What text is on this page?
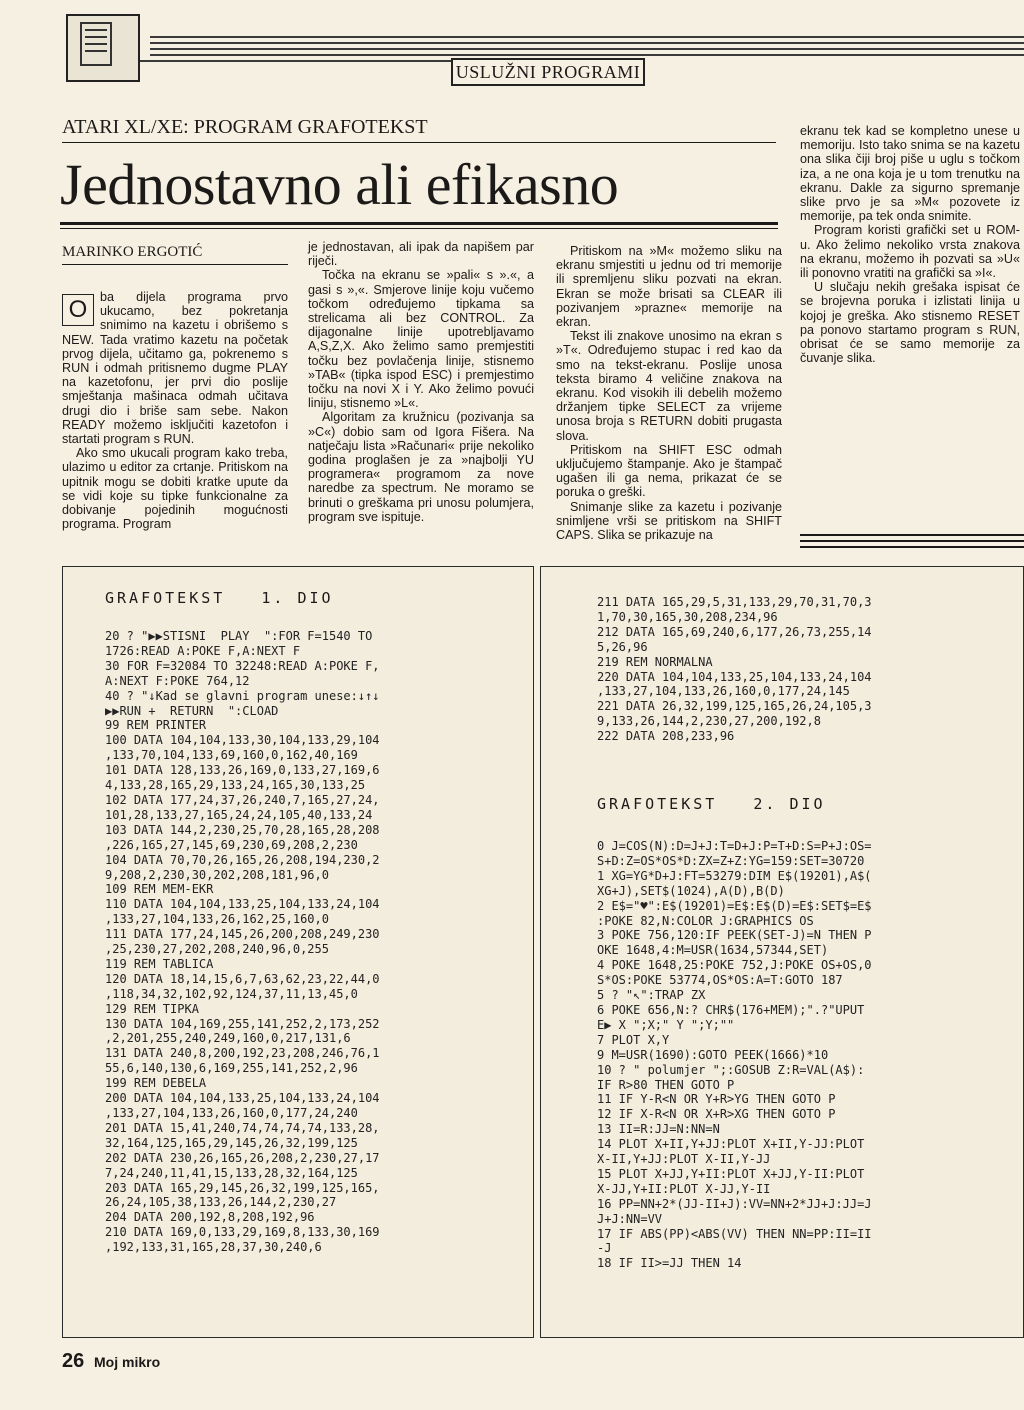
USLUŽNI PROGRAMI
ATARI XL/XE: PROGRAM GRAFOTEKST
Jednostavno ali efikasno
MARINKO ERGOTIĆ
O	ba dijela programa prvo ukucamo, bez pokretanja snimimo na kazetu i obrišemo s NEW. Tada vratimo kazetu na početak prvog dijela, učitamo ga, pokrenemo s RUN i odmah pritisnemo dugme PLAY na kazetofonu, jer prvi dio poslije smještanja mašinaca odmah učitava drugi dio i briše sam sebe. Nakon READY možemo isključiti kazetofon i startati program s RUN.

Ako smo ukucali program kako treba, ulazimo u editor za crtanje. Pritiskom na upitnik mogu se dobiti kratke upute da se vidi koje su tipke funkcionalne za dobivanje pojedinih mogućnosti programa. Program

je jednostavan, ali ipak da napišem par riječi.

Točka na ekranu se »pali« s ».«, a gasi s »,«. Smjerove linije koju vučemo točkom određujemo tipkama sa strelicama ali bez CONTROL. Za dijagonalne linije upotrebljavamo A,S,Z,X. Ako želimo samo premjestiti točku bez povlačenja linije, stisnemo »TAB« (tipka ispod ESC) i premjestimo točku na novi X i Y. Ako želimo povući liniju, stisnemo »L«.

Algoritam za kružnicu (pozivanja sa »C«) dobio sam od Igora Fišera. Na natječaju lista »Računari« prije nekoliko godina proglašen je za »najbolji YU programera« programom za nove naredbe za spectrum. Ne moramo se brinuti o greškama pri unosu polumjera, program sve ispituje.

Pritiskom na »M« možemo sliku na ekranu smjestiti u jednu od tri memorije ili spremljenu sliku pozvati na ekran. Ekran se može brisati sa CLEAR ili pozivanjem »prazne« memorije na ekran.

Tekst ili znakove unosimo na ekran s »T«. Određujemo stupac i red kao da smo na tekst-ekranu. Poslije unosa teksta biramo 4 veličine znakova na ekranu. Kod visokih ili debelih možemo držanjem tipke SELECT za vrijeme unosa broja s RETURN dobiti prugasta slova.

Pritiskom na SHIFT ESC odmah uključujemo štampanje. Ako je štampač ugašen ili ga nema, prikazat će se poruka o greški.

Snimanje slike za kazetu i pozivanje snimljene vrši se pritiskom na SHIFT CAPS. Slika se prikazuje na

ekranu tek kad se kompletno unese u memoriju. Isto tako snima se na kazetu ona slika čiji broj piše u uglu s točkom iza, a ne ona koja je u tom trenutku na ekranu. Dakle za sigurno spremanje slike prvo je sa »M« pozovete iz memorije, pa tek onda snimite.

Program koristi grafički set u ROM-u. Ako želimo nekoliko vrsta znakova na ekranu, možemo ih pozvati sa »U« ili ponovno vratiti na grafički sa »I«.

U slučaju nekih grešaka ispisat će se brojevna poruka i izlistati linija u kojoj je greška. Ako stisnemo RESET pa ponovo startamo program s RUN, obrisat će se samo memorije za čuvanje slika.

GRAFOTEKST   1. DIO
20 ? "▶▶STISNI  PLAY  ":FOR F=1540 TO
1726:READ A:POKE F,A:NEXT F
30 FOR F=32084 TO 32248:READ A:POKE F,
A:NEXT F:POKE 764,12
40 ? "↓Kad se glavni program unese:↓↑↓
▶▶RUN +  RETURN  ":CLOAD
99 REM PRINTER
100 DATA 104,104,133,30,104,133,29,104
,133,70,104,133,69,160,0,162,40,169
101 DATA 128,133,26,169,0,133,27,169,6
4,133,28,165,29,133,24,165,30,133,25
102 DATA 177,24,37,26,240,7,165,27,24,
101,28,133,27,165,24,24,105,40,133,24
103 DATA 144,2,230,25,70,28,165,28,208
,226,165,27,145,69,230,69,208,2,230
104 DATA 70,70,26,165,26,208,194,230,2
9,208,2,230,30,202,208,181,96,0
109 REM MEM-EKR
110 DATA 104,104,133,25,104,133,24,104
,133,27,104,133,26,162,25,160,0
111 DATA 177,24,145,26,200,208,249,230
,25,230,27,202,208,240,96,0,255
119 REM TABLICA
120 DATA 18,14,15,6,7,63,62,23,22,44,0
,118,34,32,102,92,124,37,11,13,45,0
129 REM TIPKA
130 DATA 104,169,255,141,252,2,173,252
,2,201,255,240,249,160,0,217,131,6
131 DATA 240,8,200,192,23,208,246,76,1
55,6,140,130,6,169,255,141,252,2,96
199 REM DEBELA
200 DATA 104,104,133,25,104,133,24,104
,133,27,104,133,26,160,0,177,24,240
201 DATA 15,41,240,74,74,74,74,133,28,
32,164,125,165,29,145,26,32,199,125
202 DATA 230,26,165,26,208,2,230,27,17
7,24,240,11,41,15,133,28,32,164,125
203 DATA 165,29,145,26,32,199,125,165,
26,24,105,38,133,26,144,2,230,27
204 DATA 200,192,8,208,192,96
210 DATA 169,0,133,29,169,8,133,30,169
,192,133,31,165,28,37,30,240,6
211 DATA 165,29,5,31,133,29,70,31,70,3
1,70,30,165,30,208,234,96
212 DATA 165,69,240,6,177,26,73,255,14
5,26,96
219 REM NORMALNA
220 DATA 104,104,133,25,104,133,24,104
,133,27,104,133,26,160,0,177,24,145
221 DATA 26,32,199,125,165,26,24,105,3
9,133,26,144,2,230,27,200,192,8
222 DATA 208,233,96
GRAFOTEKST   2. DIO
0 J=COS(N):D=J+J:T=D+J:P=T+D:S=P+J:OS=
S+D:Z=OS*OS*D:ZX=Z+Z:YG=159:SET=30720
1 XG=YG*D+J:FT=53279:DIM E$(19201),A$(
XG+J),SET$(1024),A(D),B(D)
2 E$="♥":E$(19201)=E$:E$(D)=E$:SET$=E$
:POKE 82,N:COLOR J:GRAPHICS OS
3 POKE 756,120:IF PEEK(SET-J)=N THEN P
OKE 1648,4:M=USR(1634,57344,SET)
4 POKE 1648,25:POKE 752,J:POKE OS+OS,0
S*OS:POKE 53774,OS*OS:A=T:GOTO 187
5 ? "↖":TRAP ZX
6 POKE 656,N:? CHR$(176+MEM);".?"UPUT
E▶ X ";X;" Y ";Y;""
7 PLOT X,Y
9 M=USR(1690):GOTO PEEK(1666)*10
10 ? " polumjer ";:GOSUB Z:R=VAL(A$):
IF R>80 THEN GOTO P
11 IF Y-R<N OR Y+R>YG THEN GOTO P
12 IF X-R<N OR X+R>XG THEN GOTO P
13 II=R:JJ=N:NN=N
14 PLOT X+II,Y+JJ:PLOT X+II,Y-JJ:PLOT
X-II,Y+JJ:PLOT X-II,Y-JJ
15 PLOT X+JJ,Y+II:PLOT X+JJ,Y-II:PLOT
X-JJ,Y+II:PLOT X-JJ,Y-II
16 PP=NN+2*(JJ-II+J):VV=NN+2*JJ+J:JJ=J
J+J:NN=VV
17 IF ABS(PP)<ABS(VV) THEN NN=PP:II=II
-J
18 IF II>=JJ THEN 14
26 Moj mikro
